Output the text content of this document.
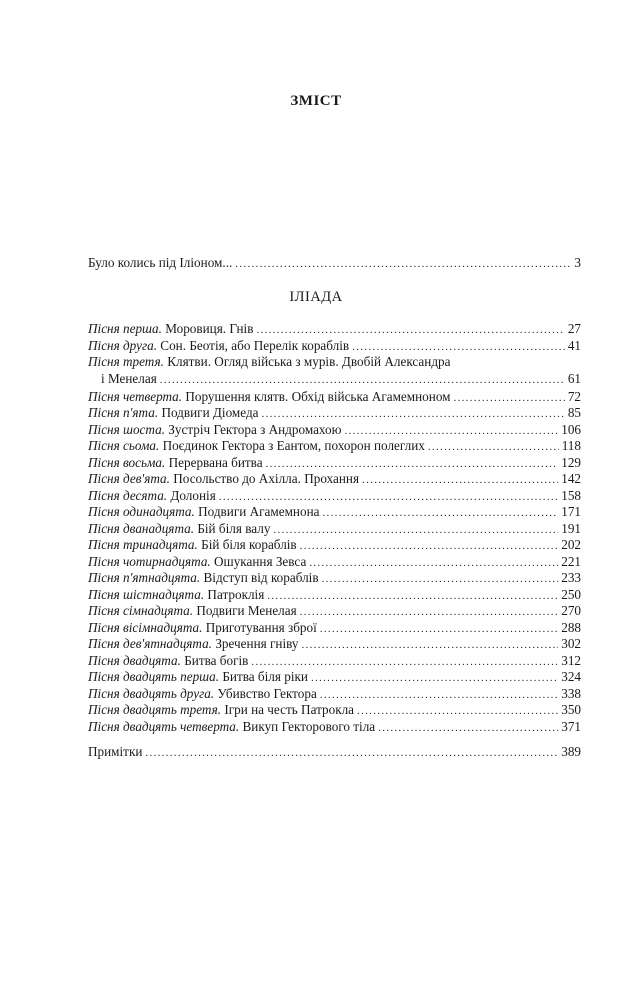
ЗМІСТ
Було колись під Іліоном... .....	3
ІЛІАДА
Пісня перша. Моровиця. Гнів .....	27
Пісня друга. Сон. Беотія, або Перелік кораблів .....	41
Пісня третя. Клятви. Огляд війська з мурів. Двобій Александра
і Менелая .....	61
Пісня четверта. Порушення клятв. Обхід війська Агамемноном .....	72
Пісня п'ята. Подвиги Діомеда .....	85
Пісня шоста. Зустріч Гектора з Андромахою .....	106
Пісня сьома. Поєдинок Гектора з Еантом, похорон полеглих .....	118
Пісня восьма. Перервана битва .....	129
Пісня дев'ята. Посольство до Ахілла. Прохання .....	142
Пісня десята. Долонія .....	158
Пісня одинадцята. Подвиги Агамемнона .....	171
Пісня дванадцята. Бій біля валу .....	191
Пісня тринадцята. Бій біля кораблів .....	202
Пісня чотирнадцята. Ошукання Зевса .....	221
Пісня п'ятнадцята. Відступ від кораблів .....	233
Пісня шістнадцята. Патроклія .....	250
Пісня сімнадцята. Подвиги Менелая .....	270
Пісня вісімнадцята. Приготування зброї .....	288
Пісня дев'ятнадцята. Зречення гніву .....	302
Пісня двадцята. Битва богів .....	312
Пісня двадцять перша. Битва біля ріки .....	324
Пісня двадцять друга. Убивство Гектора .....	338
Пісня двадцять третя. Ігри на честь Патрокла .....	350
Пісня двадцять четверта. Викуп Гекторового тіла .....	371
Примітки .....	389
